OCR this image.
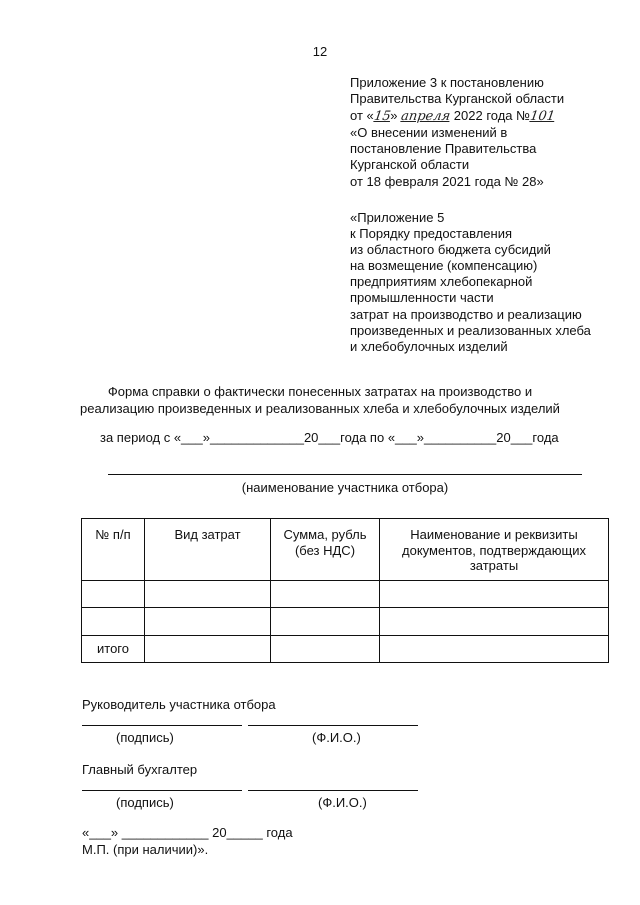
12
Приложение 3 к постановлению
Правительства Курганской области
от «15» апреля 2022 года №101
«О внесении изменений в
постановление Правительства
Курганской области
от 18 февраля 2021 года № 28»
«Приложение 5
к Порядку предоставления
из областного бюджета субсидий
на возмещение (компенсацию)
предприятиям хлебопекарной
промышленности части
затрат на производство и реализацию
произведенных и реализованных хлеба
и хлебобулочных изделий
Форма справки о фактически понесенных затратах на производство и
реализацию произведенных и реализованных хлеба и хлебобулочных изделий
за период с «___»_____________20___года по «___»__________20___года
(наименование участника отбора)
№ п/п	Вид затрат	Сумма, рубль (без НДС)	Наименование и реквизиты документов, подтверждающих затраты

итого			
Руководитель участника отбора
(подпись)	(Ф.И.О.)
Главный бухгалтер
(подпись)	(Ф.И.О.)
«___» ____________ 20_____ года
М.П. (при наличии)».
